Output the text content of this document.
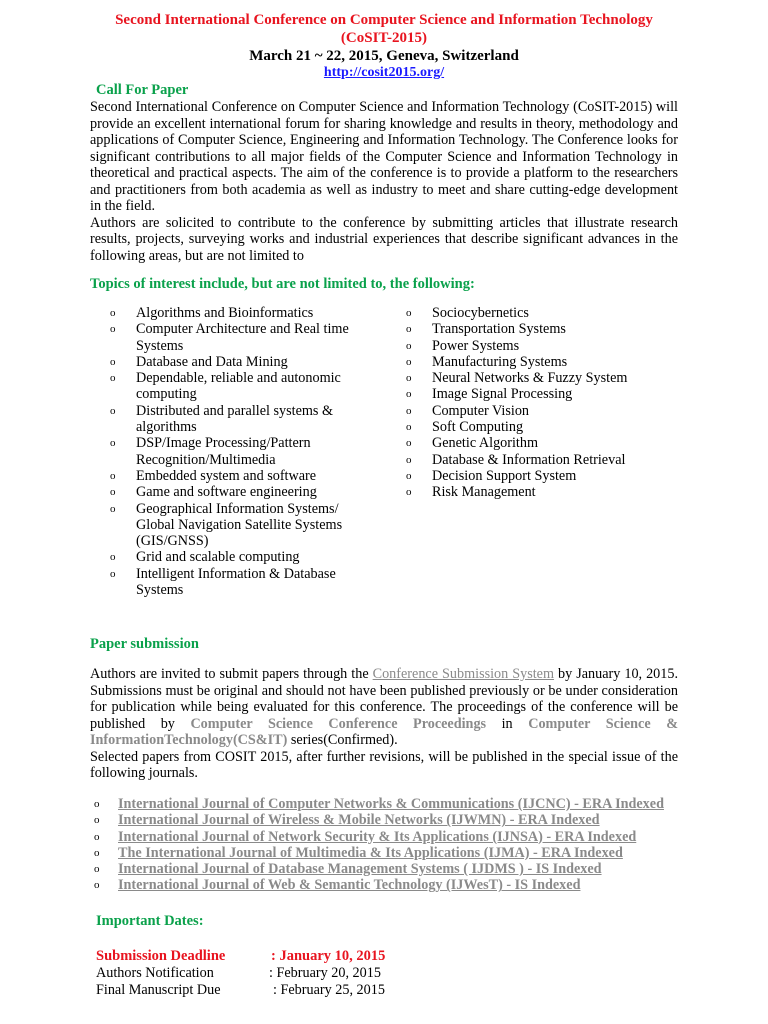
Second International Conference on Computer Science and Information Technology
(CoSIT-2015)
March 21 ~ 22, 2015, Geneva, Switzerland
http://cosit2015.org/
Call For Paper

Second International Conference on Computer Science and Information Technology (CoSIT-2015) will provide an excellent international forum for sharing knowledge and results in theory, methodology and applications of Computer Science, Engineering and Information Technology. The Conference looks for significant contributions to all major fields of the Computer Science and Information Technology in theoretical and practical aspects. The aim of the conference is to provide a platform to the researchers and practitioners from both academia as well as industry to meet and share cutting-edge development in the field.

Authors are solicited to contribute to the conference by submitting articles that illustrate research results, projects, surveying works and industrial experiences that describe significant advances in the following areas, but are not limited to

Topics of interest include, but are not limited to, the following:
o Algorithms and Bioinformatics
o Computer Architecture and Real time Systems
o Database and Data Mining
o Dependable, reliable and autonomic computing
o Distributed and parallel systems & algorithms
o DSP/Image Processing/Pattern Recognition/Multimedia
o Embedded system and software
o Game and software engineering
o Geographical Information Systems/ Global Navigation Satellite Systems (GIS/GNSS)
o Grid and scalable computing
o Intelligent Information & Database Systems
o Sociocybernetics
o Transportation Systems
o Power Systems
o Manufacturing Systems
o Neural Networks & Fuzzy System
o Image Signal Processing
o Computer Vision
o Soft Computing
o Genetic Algorithm
o Database & Information Retrieval
o Decision Support System
o Risk Management
Paper submission

Authors are invited to submit papers through the Conference Submission System by January 10, 2015. Submissions must be original and should not have been published previously or be under consideration for publication while being evaluated for this conference. The proceedings of the conference will be published by Computer Science Conference Proceedings in Computer Science & InformationTechnology(CS&IT) series(Confirmed).

Selected papers from COSIT 2015, after further revisions, will be published in the special issue of the following journals.

o International Journal of Computer Networks & Communications (IJCNC) - ERA Indexed
o International Journal of Wireless & Mobile Networks (IJWMN) - ERA Indexed
o International Journal of Network Security & Its Applications (IJNSA) - ERA Indexed
o The International Journal of Multimedia & Its Applications (IJMA) - ERA Indexed
o International Journal of Database Management Systems ( IJDMS ) - IS Indexed
o International Journal of Web & Semantic Technology (IJWesT) - IS Indexed
Important Dates:
Submission Deadline	: January 10, 2015
Authors Notification	: February 20, 2015
Final Manuscript Due	: February 25, 2015
